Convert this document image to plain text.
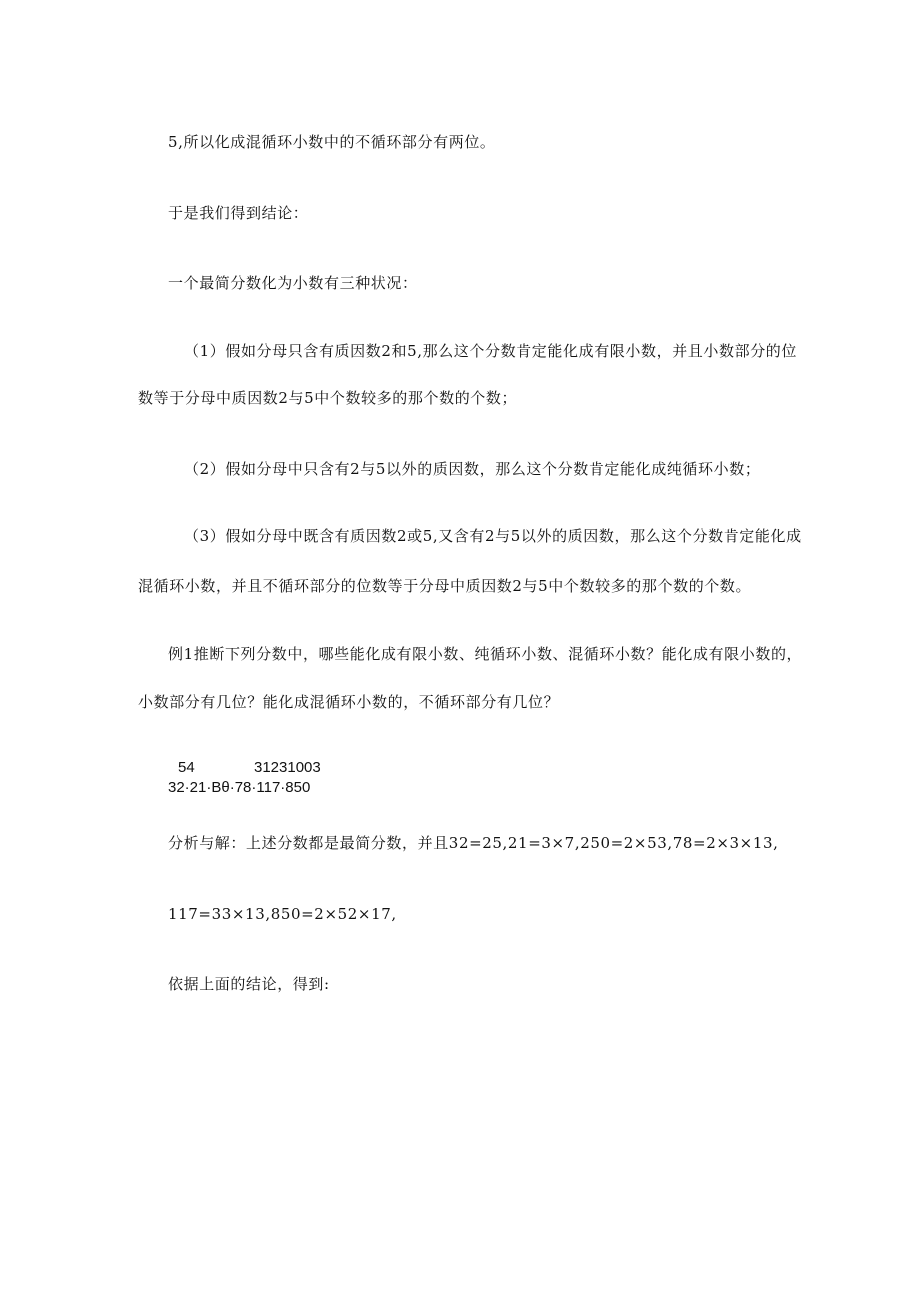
5,所以化成混循环小数中的不循环部分有两位。
于是我们得到结论：
一个最简分数化为小数有三种状况：
（1）假如分母只含有质因数2和5,那么这个分数肯定能化成有限小数，并且小数部分的位
数等于分母中质因数2与5中个数较多的那个数的个数；
（2）假如分母中只含有2与5以外的质因数，那么这个分数肯定能化成纯循环小数；
（3）假如分母中既含有质因数2或5,又含有2与5以外的质因数，那么这个分数肯定能化成
混循环小数，并且不循环部分的位数等于分母中质因数2与5中个数较多的那个数的个数。
例1推断下列分数中，哪些能化成有限小数、纯循环小数、混循环小数？能化成有限小数的，
小数部分有几位？能化成混循环小数的，不循环部分有几位？
54	31231003
32·21·Bθ·78·117·850
分析与解：上述分数都是最简分数，并且32=25,21=3×7,250=2×53,78=2×3×13,
117=33×13,850=2×52×17,
依据上面的结论，得到:
